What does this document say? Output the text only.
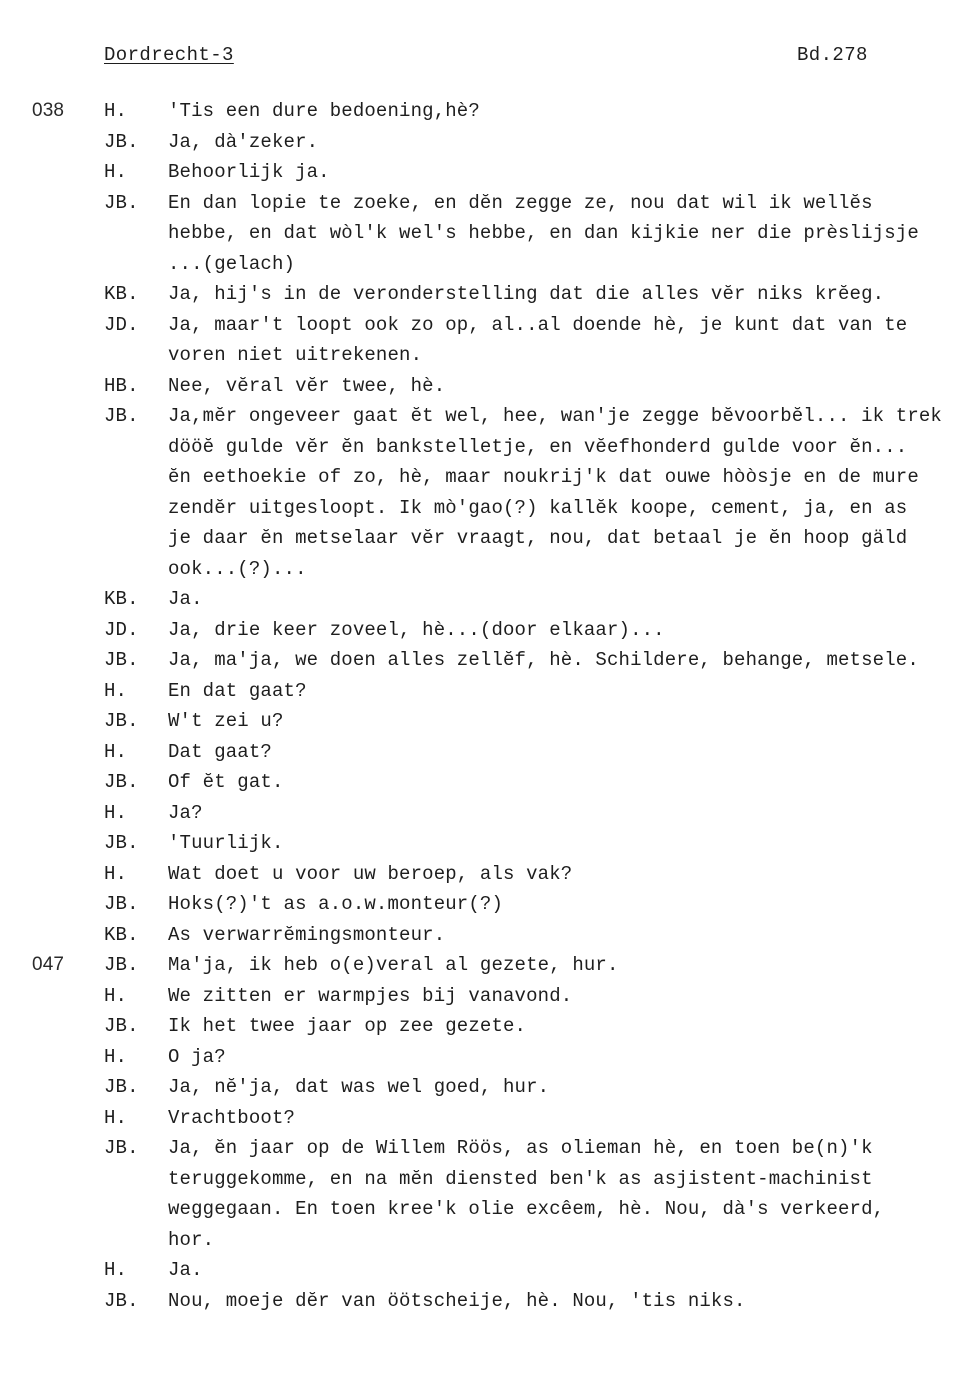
Dordrecht-3	Bd.278
038 H. 'Tis een dure bedoening,hè?
JB. Ja, dà'zeker.
H. Behoorlijk ja.
JB. En dan lopie te zoeke, en dĕn zegge ze, nou dat wil ik wellĕs
hebbe, en dat wòl'k wel's hebbe, en dan kijkie ner die prèslijsje
...(gelach)
KB. Ja, hij's in de veronderstelling dat die alles vĕr niks krĕeg.
JD. Ja, maar't loopt ook zo op, al..al doende hè, je kunt dat van te
voren niet uitrekenen.
HB. Nee, vĕral vĕr twee, hè.
JB. Ja,mĕr ongeveer gaat ĕt wel, hee, wan'je zegge bĕvoorbĕl... ik trek
dööĕ gulde vĕr ĕn bankstelletje, en vĕefhonderd gulde voor ĕn...
ĕn eethoekie of zo, hè, maar noukrij'k dat ouwe hòòsje en de mure
zendĕr uitgesloopt. Ik mò'gao(?) kallĕk koope, cement, ja, en as
je daar ĕn metselaar vĕr vraagt, nou, dat betaal je ĕn hoop gäld
ook...(?)...
KB. Ja.
JD. Ja, drie keer zoveel, hè...(door elkaar)...
JB. Ja, ma'ja, we doen alles zellĕf, hè. Schildere, behange, metsele.
H. En dat gaat?
JB. W't zei u?
H. Dat gaat?
JB. Of ĕt gat.
H. Ja?
JB. 'Tuurlijk.
H. Wat doet u voor uw beroep, als vak?
JB. Hoks(?)'t as a.o.w.monteur(?)
KB. As verwarrĕmingsmonteur.
047 JB. Ma'ja, ik heb o(e)veral al gezete, hur.
H. We zitten er warmpjes bij vanavond.
JB. Ik het twee jaar op zee gezete.
H. O ja?
JB. Ja, nĕ'ja, dat was wel goed, hur.
H. Vrachtboot?
JB. Ja, ĕn jaar op de Willem Röös, as olieman hè, en toen be(n)'k
teruggekomme, en na mĕn diensted ben'k as asjistent-machinist
weggegaan. En toen kree'k olie excêem, hè. Nou, dà's verkeerd,
hor.
H. Ja.
JB. Nou, moeje dĕr van öötscheije, hè. Nou, 'tis niks.
